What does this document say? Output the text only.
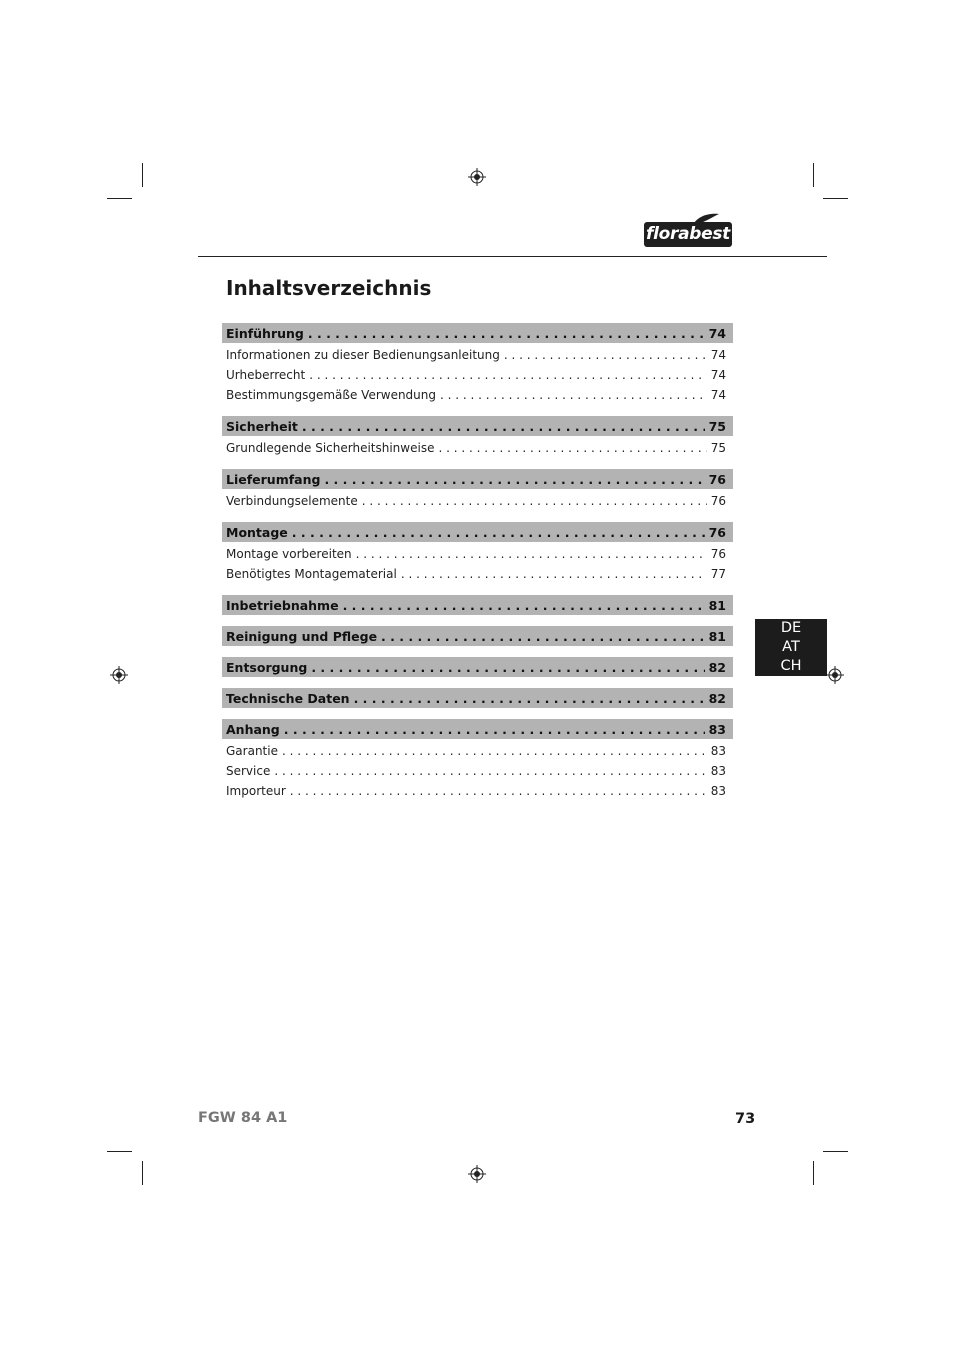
florabest
Inhaltsverzeichnis
Einführung . . .	74
Informationen zu dieser Bedienungsanleitung . . .	74
Urheberrecht . . .	74
Bestimmungsgemäße Verwendung . . .	74
Sicherheit . . .	75
Grundlegende Sicherheitshinweise . . .	75
Lieferumfang . . .	76
Verbindungselemente . . .	76
Montage . . .	76
Montage vorbereiten . . .	76
Benötigtes Montagematerial . . .	77
Inbetriebnahme . . .	81
Reinigung und Pflege . . .	81
Entsorgung . . .	82
Technische Daten . . .	82
Anhang . . .	83
Garantie . . .	83
Service . . .	83
Importeur . . .	83
DE
AT
CH
FGW 84 A1	73
